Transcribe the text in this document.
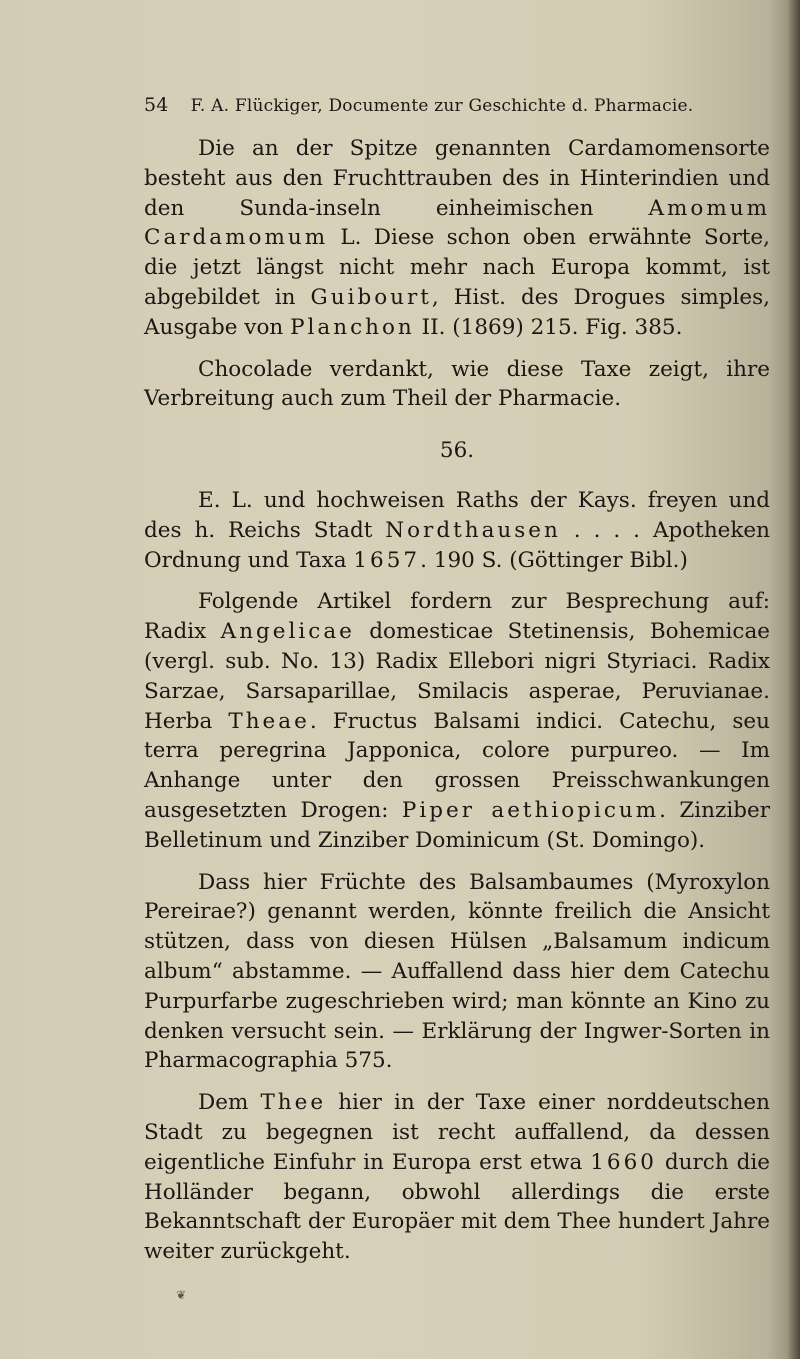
54 F. A. Flückiger, Documente zur Geschichte d. Pharmacie.

Die an der Spitze genannten Cardamomensorte besteht aus den Fruchttrauben des in Hinterindien und den Sunda-inseln einheimischen Amomum Cardamomum L. Diese schon oben erwähnte Sorte, die jetzt längst nicht mehr nach Europa kommt, ist abgebildet in Guibourt, Hist. des Drogues simples, Ausgabe von Planchon II. (1869) 215. Fig. 385.

Chocolade verdankt, wie diese Taxe zeigt, ihre Verbreitung auch zum Theil der Pharmacie.

56.

E. L. und hochweisen Raths der Kays. freyen und des h. Reichs Stadt Nordthausen . . . . Apotheken Ordnung und Taxa 1657. 190 S. (Göttinger Bibl.)

Folgende Artikel fordern zur Besprechung auf: Radix Angelicae domesticae Stetinensis, Bohemicae (vergl. sub. No. 13) Radix Ellebori nigri Styriaci. Radix Sarzae, Sarsaparillae, Smilacis asperae, Peruvianae. Herba Theae. Fructus Balsami indici. Catechu, seu terra peregrina Japponica, colore purpureo. — Im Anhange unter den grossen Preisschwankungen ausgesetzten Drogen: Piper aethiopicum. Zinziber Belletinum und Zinziber Dominicum (St. Domingo).

Dass hier Früchte des Balsambaumes (Myroxylon Pereirae?) genannt werden, könnte freilich die Ansicht stützen, dass von diesen Hülsen „Balsamum indicum album“ abstamme. — Auffallend dass hier dem Catechu Purpurfarbe zugeschrieben wird; man könnte an Kino zu denken versucht sein. — Erklärung der Ingwer-Sorten in Pharmacographia 575.

Dem Thee hier in der Taxe einer norddeutschen Stadt zu begegnen ist recht auffallend, da dessen eigentliche Einfuhr in Europa erst etwa 1660 durch die Holländer begann, obwohl allerdings die erste Bekanntschaft der Europäer mit dem Thee hundert Jahre weiter zurückgeht.

❦
